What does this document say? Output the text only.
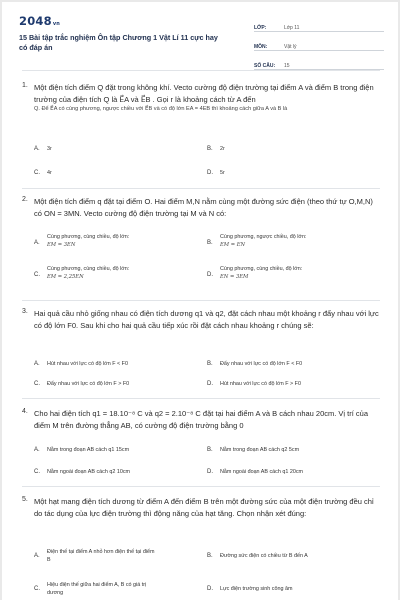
2048vn
15 Bài tập trắc nghiệm Ôn tập Chương 1 Vật Lí 11 cực hay có đáp án
LỚP:	Lớp 11
MÔN:	Vật lý
SỐ CÂU:	15
1. Một điện tích điểm Q đặt trong không khí. Vecto cường độ điện trường tại điểm A và điểm B trong điện trường của điện tích Q là E⃗A và E⃗B . Gọi r là khoảng cách từ A đến
Q. Để E⃗A có cùng phương, ngược chiều với E⃗B và có độ lớn EA = 4EB thì khoảng cách giữa A và B là
A. 3r	B. 2r
C. 4r	D. 5r
2. Một điện tích điểm q đặt tại điểm O. Hai điểm M,N nằm cùng một đường sức điện (theo thứ tự O,M,N) có ON = 3MN. Vecto cường độ điện trường tại M và N có:
A.
Cùng phương, cùng chiều, độ lớn:
EM = 3EN	B.
Cùng phương, ngược chiều, độ lớn:
EM = EN
C.
Cùng phương, cùng chiều, độ lớn:
EM = 2,25EN	D.
Cùng phương, cùng chiều, độ lớn:
EN = 3EM
3. Hai quả cầu nhỏ giống nhau có điện tích dương q1 và q2, đặt cách nhau một khoảng r đẩy nhau với lực có độ lớn F0. Sau khi cho hai quả cầu tiếp xúc rồi đặt cách nhau khoảng r chúng sẽ:
A. Hút nhau với lực có độ lớn F < F0	B. Đẩy nhau với lực có độ lớn F < F0
C. Đẩy nhau với lực có độ lớn F > F0	D. Hút nhau với lực có độ lớn F > F0
4. Cho hai điện tích q1 = 18.10⁻⁸ C và q2 = 2.10⁻⁸ C đặt tại hai điểm A và B cách nhau 20cm. Vị trí của điểm M trên đường thẳng AB, có cường độ điện trường bằng 0
A. Nằm trong đoạn AB cách q1 15cm	B. Nằm trong đoạn AB cách q2 5cm
C. Nằm ngoài đoạn AB cách q2 10cm	D. Nằm ngoài đoạn AB cách q1 20cm
5. Một hạt mang điện tích dương từ điểm A đến điểm B trên một đường sức của một điện trường đều chỉ do tác dụng của lực điện trường thì động năng của hạt tăng. Chọn nhận xét đúng:
A.
Điện thế tại điểm A nhỏ hơn điện thế tại điểm B
B. Đường sức điện có chiều từ B đến A
C.
Hiệu điện thế giữa hai điểm A, B có giá trị dương
D. Lực điện trường sinh công âm
